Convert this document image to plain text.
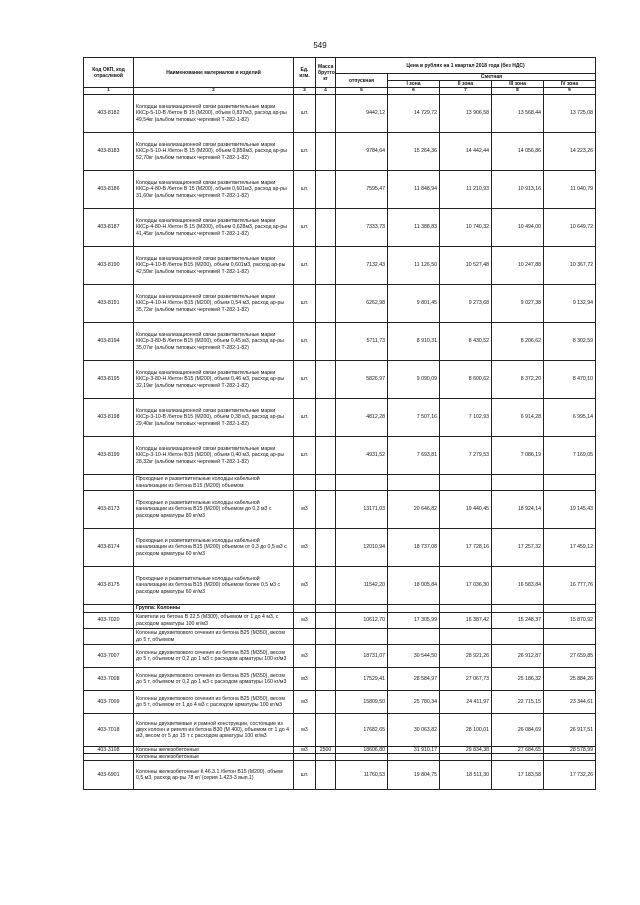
549
Код ОКП, код отраслевой	Наименование материалов и изделий	Ед. изм.	Масса брутто, кг	Цена в рублях на 1 квартал 2018 года (без НДС)				
				отпускная	Сметная			
					I зона	II зона	III зона	IV зона
1	2	3	4	5	6	7	8	9
403-8182	Колодцы канализационной связи разветвительные марки ККСр-5-10-В /бетон В 15 (М200), объем 0,837м3, расход ар-ры 49,54кг (альбом типовых чертежей Т-282-1-82)	шт.		9442,12	14 729,72	13 906,58	13 568,44	13 725,08
403-8183	Колодцы канализационной связи разветвительные марки ККСр-5-10-Н /бетон В 15 (М200), объем 0,859м3, расход ар-ры 52,70кг (альбом типовых чертежей Т-282-1-82)	шт.		9784,64	15 264,36	14 442,44	14 056,86	14 223,26
403-8186	Колодцы канализационной связи разветвительные марки ККСр-4-80-В /бетон В 15 (М200), объем 0,601м3, расход ар-ры 31,60кг (альбом типовых чертежей Т-282-1-82)	шт.		7595,47	11 848,94	11 210,93	10 913,16	11 040,79
403-8187	Колодцы канализационной связи разветвительные марки ККСр-4-80-Н /бетон В 15 (М200), объем 0,628м3, расход ар-ры 41,45кг (альбом типовых чертежей Т-282-1-82)	шт.		7333,73	11 388,83	10 740,32	10 494,00	10 649,72
403-8190	Колодцы канализационной связи разветвительные марки ККСр-4-10-В /бетон В15 (М200), объем 0,601м3, расход ар-ры 42,50кг (альбом типовых чертежей Т-282-1-82)	шт.		7132,43	11 126,50	10 527,48	10 247,88	10 367,72
403-8191	Колодцы канализационной связи разветвительные марки ККСр-4-10-Н /бетон В15 (М200), объем 0,54 м3, расход ар-ры 35,72кг (альбом типовых чертежей Т-282-1-82)	шт.		6262,98	9 801,45	9 273,68	9 027,38	9 132,94
403-8194	Колодцы канализационной связи разветвительные марки ККСр-3-80-В /бетон В15 (М200), объем 0,45 м3, расход ар-ры 35,07кг (альбом типовых чертежей Т-282-1-82)	шт.		5711,73	8 910,31	8 430,52	8 206,62	8 302,59
403-8195	Колодцы канализационной связи разветвительные марки ККСр-3-80-Н /бетон В15 (М200), объем 0,46 м3, расход ар-ры 32,19кг (альбом типовых чертежей Т-282-1-82)	шт.		5826,97	9 090,09	8 600,62	8 372,20	8 470,10
403-8198	Колодцы канализационной связи разветвительные марки ККСр-3-10-В /бетон В15 (М200), объем 0,38 м3, расход ар-ры 29,40кг (альбом типовых чертежей Т-282-1-82)	шт.		4812,28	7 507,16	7 102,93	6 914,28	6 995,14
403-8199	Колодцы канализационной связи разветвительные марки ККСр-3-10-Н /бетон В15 (М200), объем 0,40 м3, расход ар-ры 28,32кг (альбом типовых чертежей Т-282-1-82)	шт.		4931,52	7 693,81	7 279,53	7 086,19	7 169,05
	Проходные и разветвительные колодцы кабельной канализации из бетона В15 (М200) объемом							
403-8173	Проходные и разветвительные колодцы кабельной канализации из бетона В15 (М200) объемом до 0,3 м3 с расходом арматуры 80 кг/м3	м3		13171,03	20 646,82	19 440,45	18 924,14	19 145,43
403-8174	Проходные и разветвительные колодцы кабельной канализации из бетона В15 (М200) объемом от 0,3 до 0,5 м3 с расходом арматуры 60 кг/м3	м3		12010,94	18 737,08	17 728,16	17 257,32	17 459,12
403-8175	Проходные и разветвительные колодцы кабельной канализации из бетона В15 (М200) объемом более 0,5 м3 с расходом арматуры 60 кг/м3	м3		11542,20	18 005,84	17 036,30	16 583,84	16 777,76
	Группа: Колонны							
403-7020	Капители из бетона В 22,5 (М300), объемом от 1 до 4 м3, с расходом арматуры 100 кг/м3	м3		10612,70	17 305,99	16 387,42	15 248,37	15 870,92
	Колонны двухветвового сечения из бетона В25 (М350), весом до 5 т, объемом							
403-7007	Колонны двухветвового сечения из бетона В25 (М350), весом до 5 т, объемом от 0,2 до 1 м3 с расходом арматуры 100 кг/м3	м3		18731,07	30 544,50	28 921,26	26 912,87	27 659,85
403-7008	Колонны двухветвового сечения из бетона В25 (М350), весом до 5 т, объемом от 0,2 до 1 м3 с расходом арматуры 160 кг/м3	м3		17529,41	28 584,97	27 067,73	25 186,32	25 884,26
403-7009	Колонны двухветвового сечения из бетона В25 (М350), весом до 5 т, объемом от 1 до 4 м3 с расходом арматуры 100 кг/м3	м3		15809,50	25 780,34	24 411,97	22 715,15	23 344,61
403-7018	Колонны двухветвевые и рамной конструкции, состоящие из двух колонн и ригеля из бетона В30 (М 400), объемом от 1 до 4 м3, весом от 5 до 15 т с расходом арматуры 100 кг/м3	м3		17682,65	30 063,82	28 100,01	26 084,69	26 917,51
403-3108	Колонны железобетонные	м3	2500	18606,80	31 910,17	29 834,38	27 684,65	28 578,99
	Колонны железобетонные							
403-6901	Колонны железобетонные К 46.3.1 /бетон В15 (М200), объем 0,5 м3, расход ар-ры 78 кг/ (серия 1.423-3 вып.1)	шт.		11760,53	19 804,75	18 511,30	17 183,58	17 732,26
